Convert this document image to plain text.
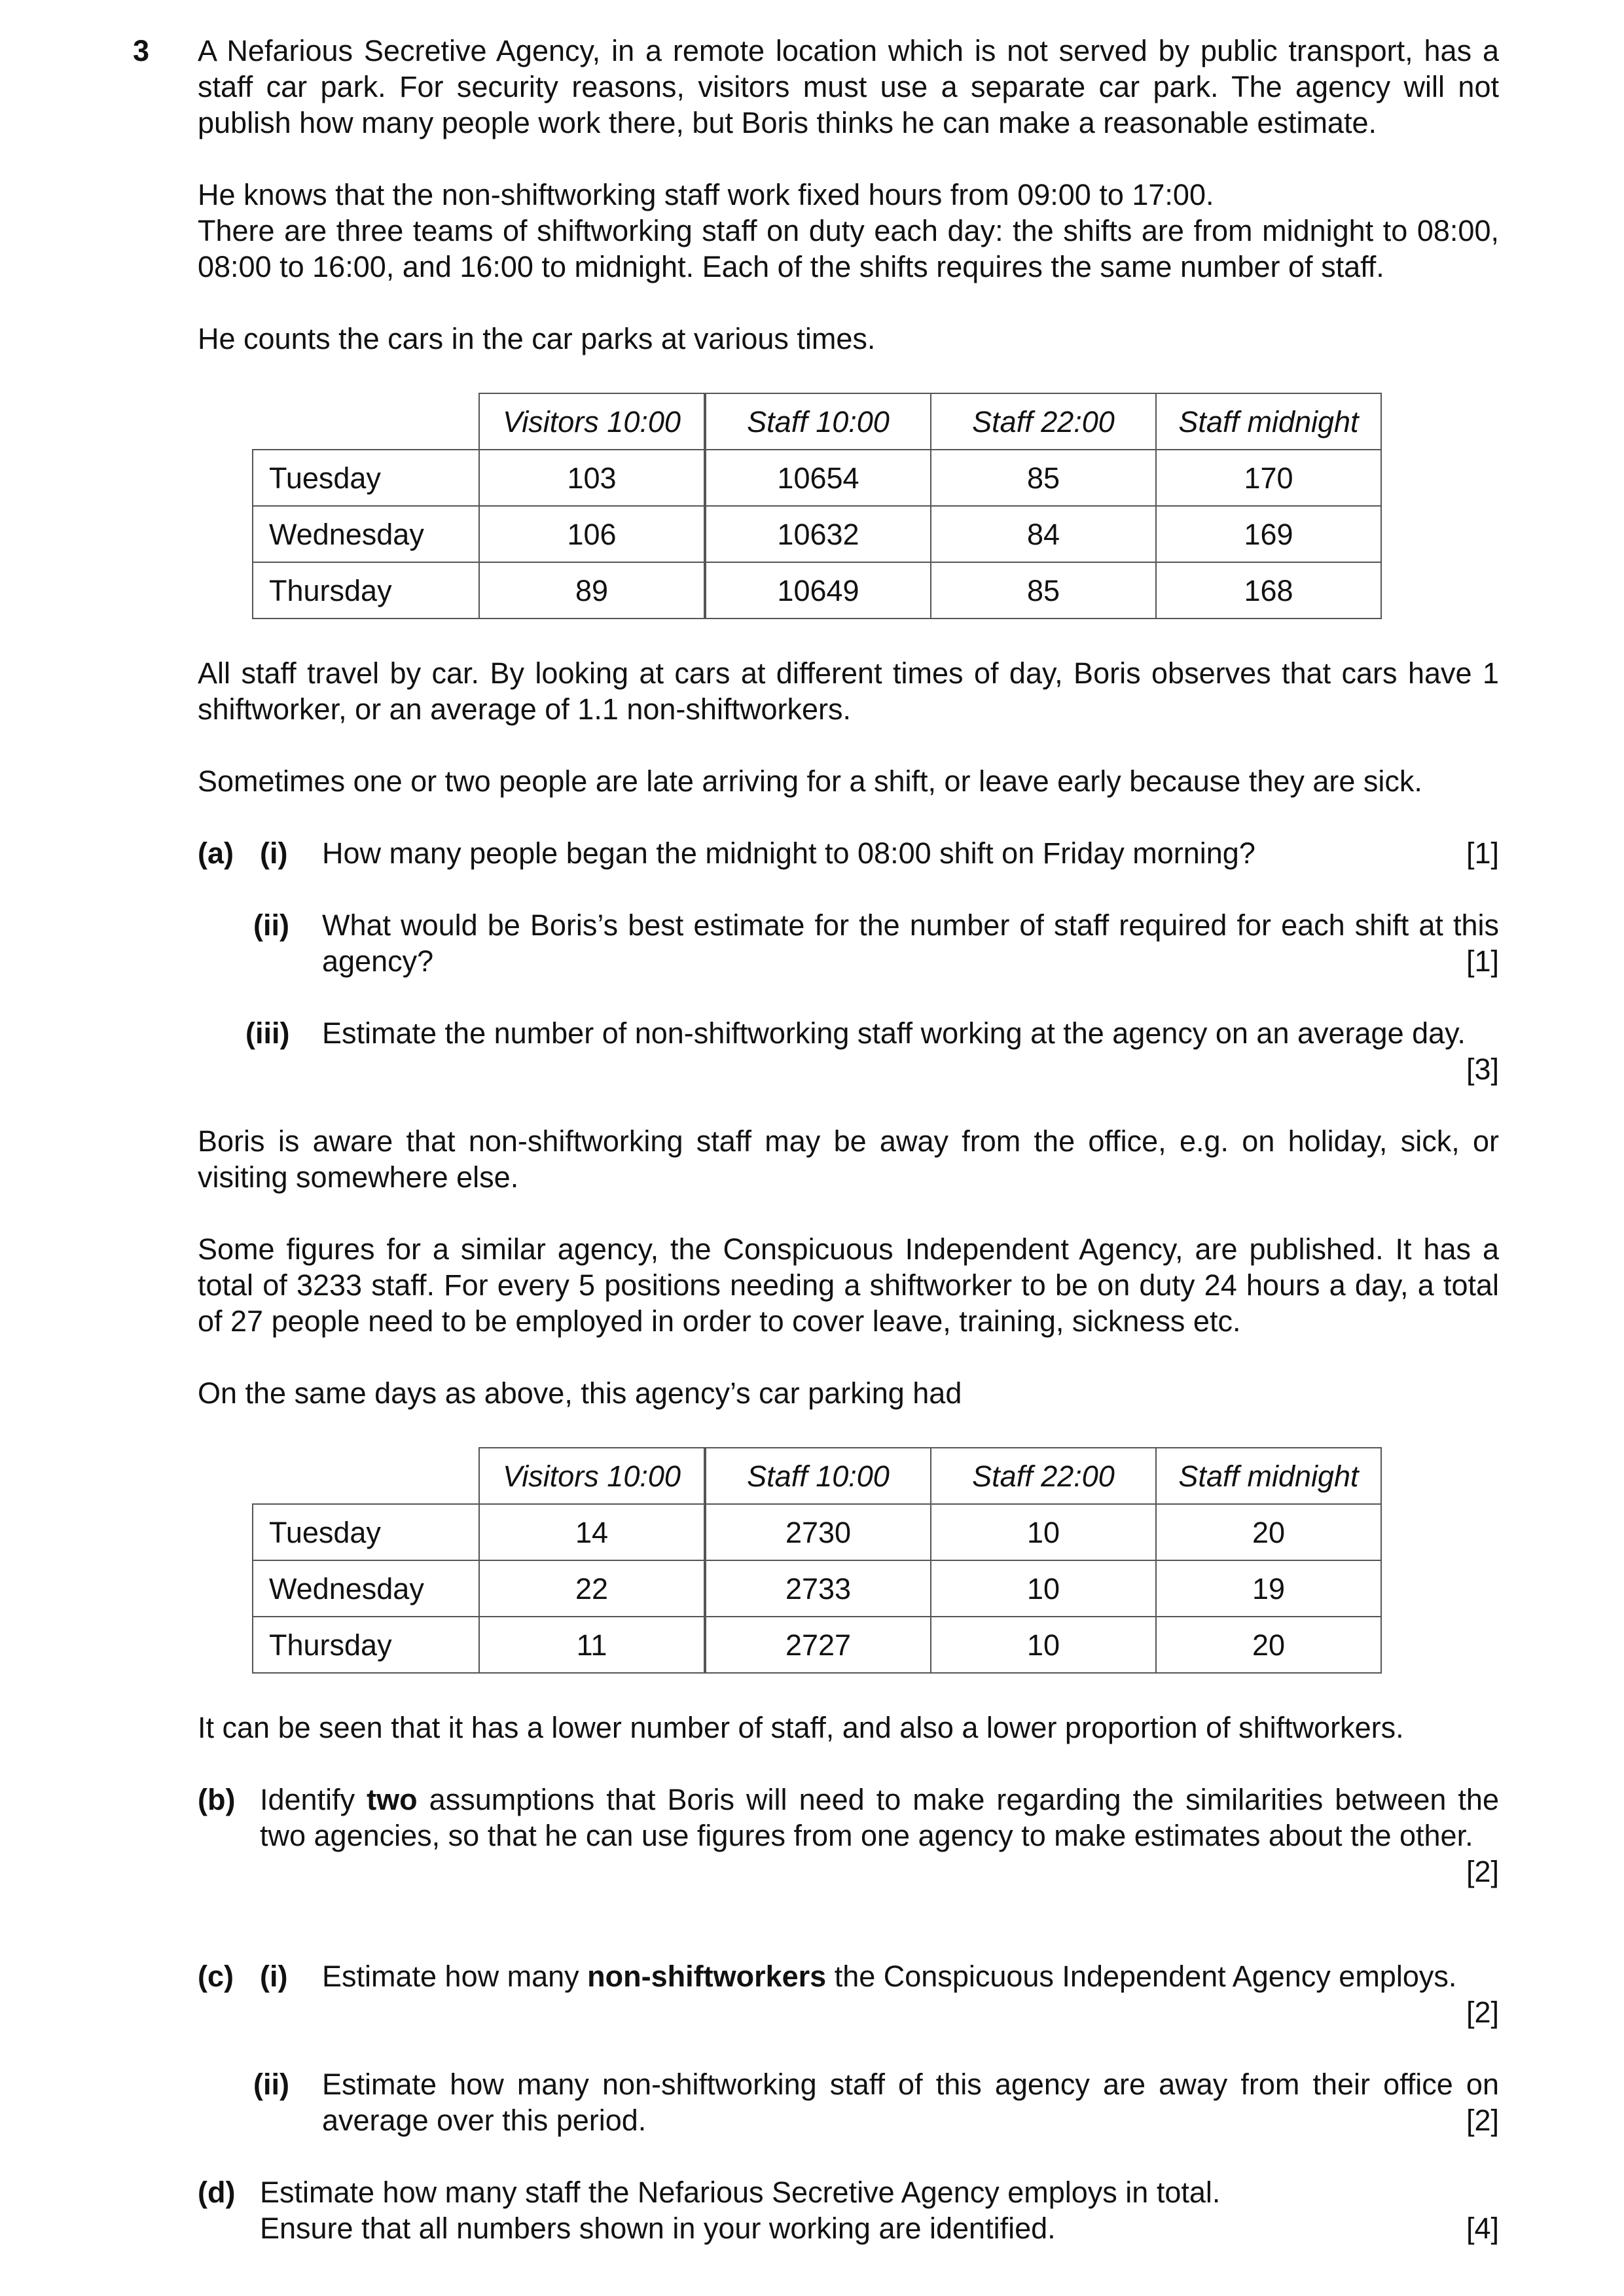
3 A Nefarious Secretive Agency, in a remote location which is not served by public transport, has a staff car park. For security reasons, visitors must use a separate car park. The agency will not publish how many people work there, but Boris thinks he can make a reasonable estimate.

He knows that the non-shiftworking staff work fixed hours from 09:00 to 17:00.

There are three teams of shiftworking staff on duty each day: the shifts are from midnight to 08:00, 08:00 to 16:00, and 16:00 to midnight. Each of the shifts requires the same number of staff.

He counts the cars in the car parks at various times.

	Visitors 10:00	Staff 10:00	Staff 22:00	Staff midnight
Tuesday	103	10654	85	170
Wednesday	106	10632	84	169
Thursday	89	10649	85	168

All staff travel by car. By looking at cars at different times of day, Boris observes that cars have 1 shiftworker, or an average of 1.1 non-shiftworkers.

Sometimes one or two people are late arriving for a shift, or leave early because they are sick.

(a) (i)	[1]
How many people began the midnight to 08:00 shift on Friday morning?
(ii) What would be Boris’s best estimate for the number of staff required for each shift at this agency?	[1]
(iii) Estimate the number of non-shiftworking staff working at the agency on an average day.
[3]

Boris is aware that non-shiftworking staff may be away from the office, e.g. on holiday, sick, or visiting somewhere else.

Some figures for a similar agency, the Conspicuous Independent Agency, are published. It has a total of 3233 staff. For every 5 positions needing a shiftworker to be on duty 24 hours a day, a total of 27 people need to be employed in order to cover leave, training, sickness etc.

On the same days as above, this agency’s car parking had

	Visitors 10:00	Staff 10:00	Staff 22:00	Staff midnight
Tuesday	14	2730	10	20
Wednesday	22	2733	10	19
Thursday	11	2727	10	20

It can be seen that it has a lower number of staff, and also a lower proportion of shiftworkers.

(b) Identify two assumptions that Boris will need to make regarding the similarities between the two agencies, so that he can use figures from one agency to make estimates about the other.
[2]
(c) (i) Estimate how many non-shiftworkers the Conspicuous Independent Agency employs.
[2]
(ii) Estimate how many non-shiftworking staff of this agency are away from their office on average over this period.	[2]
(d) Estimate how many staff the Nefarious Secretive Agency employs in total.
[4]
Ensure that all numbers shown in your working are identified.
